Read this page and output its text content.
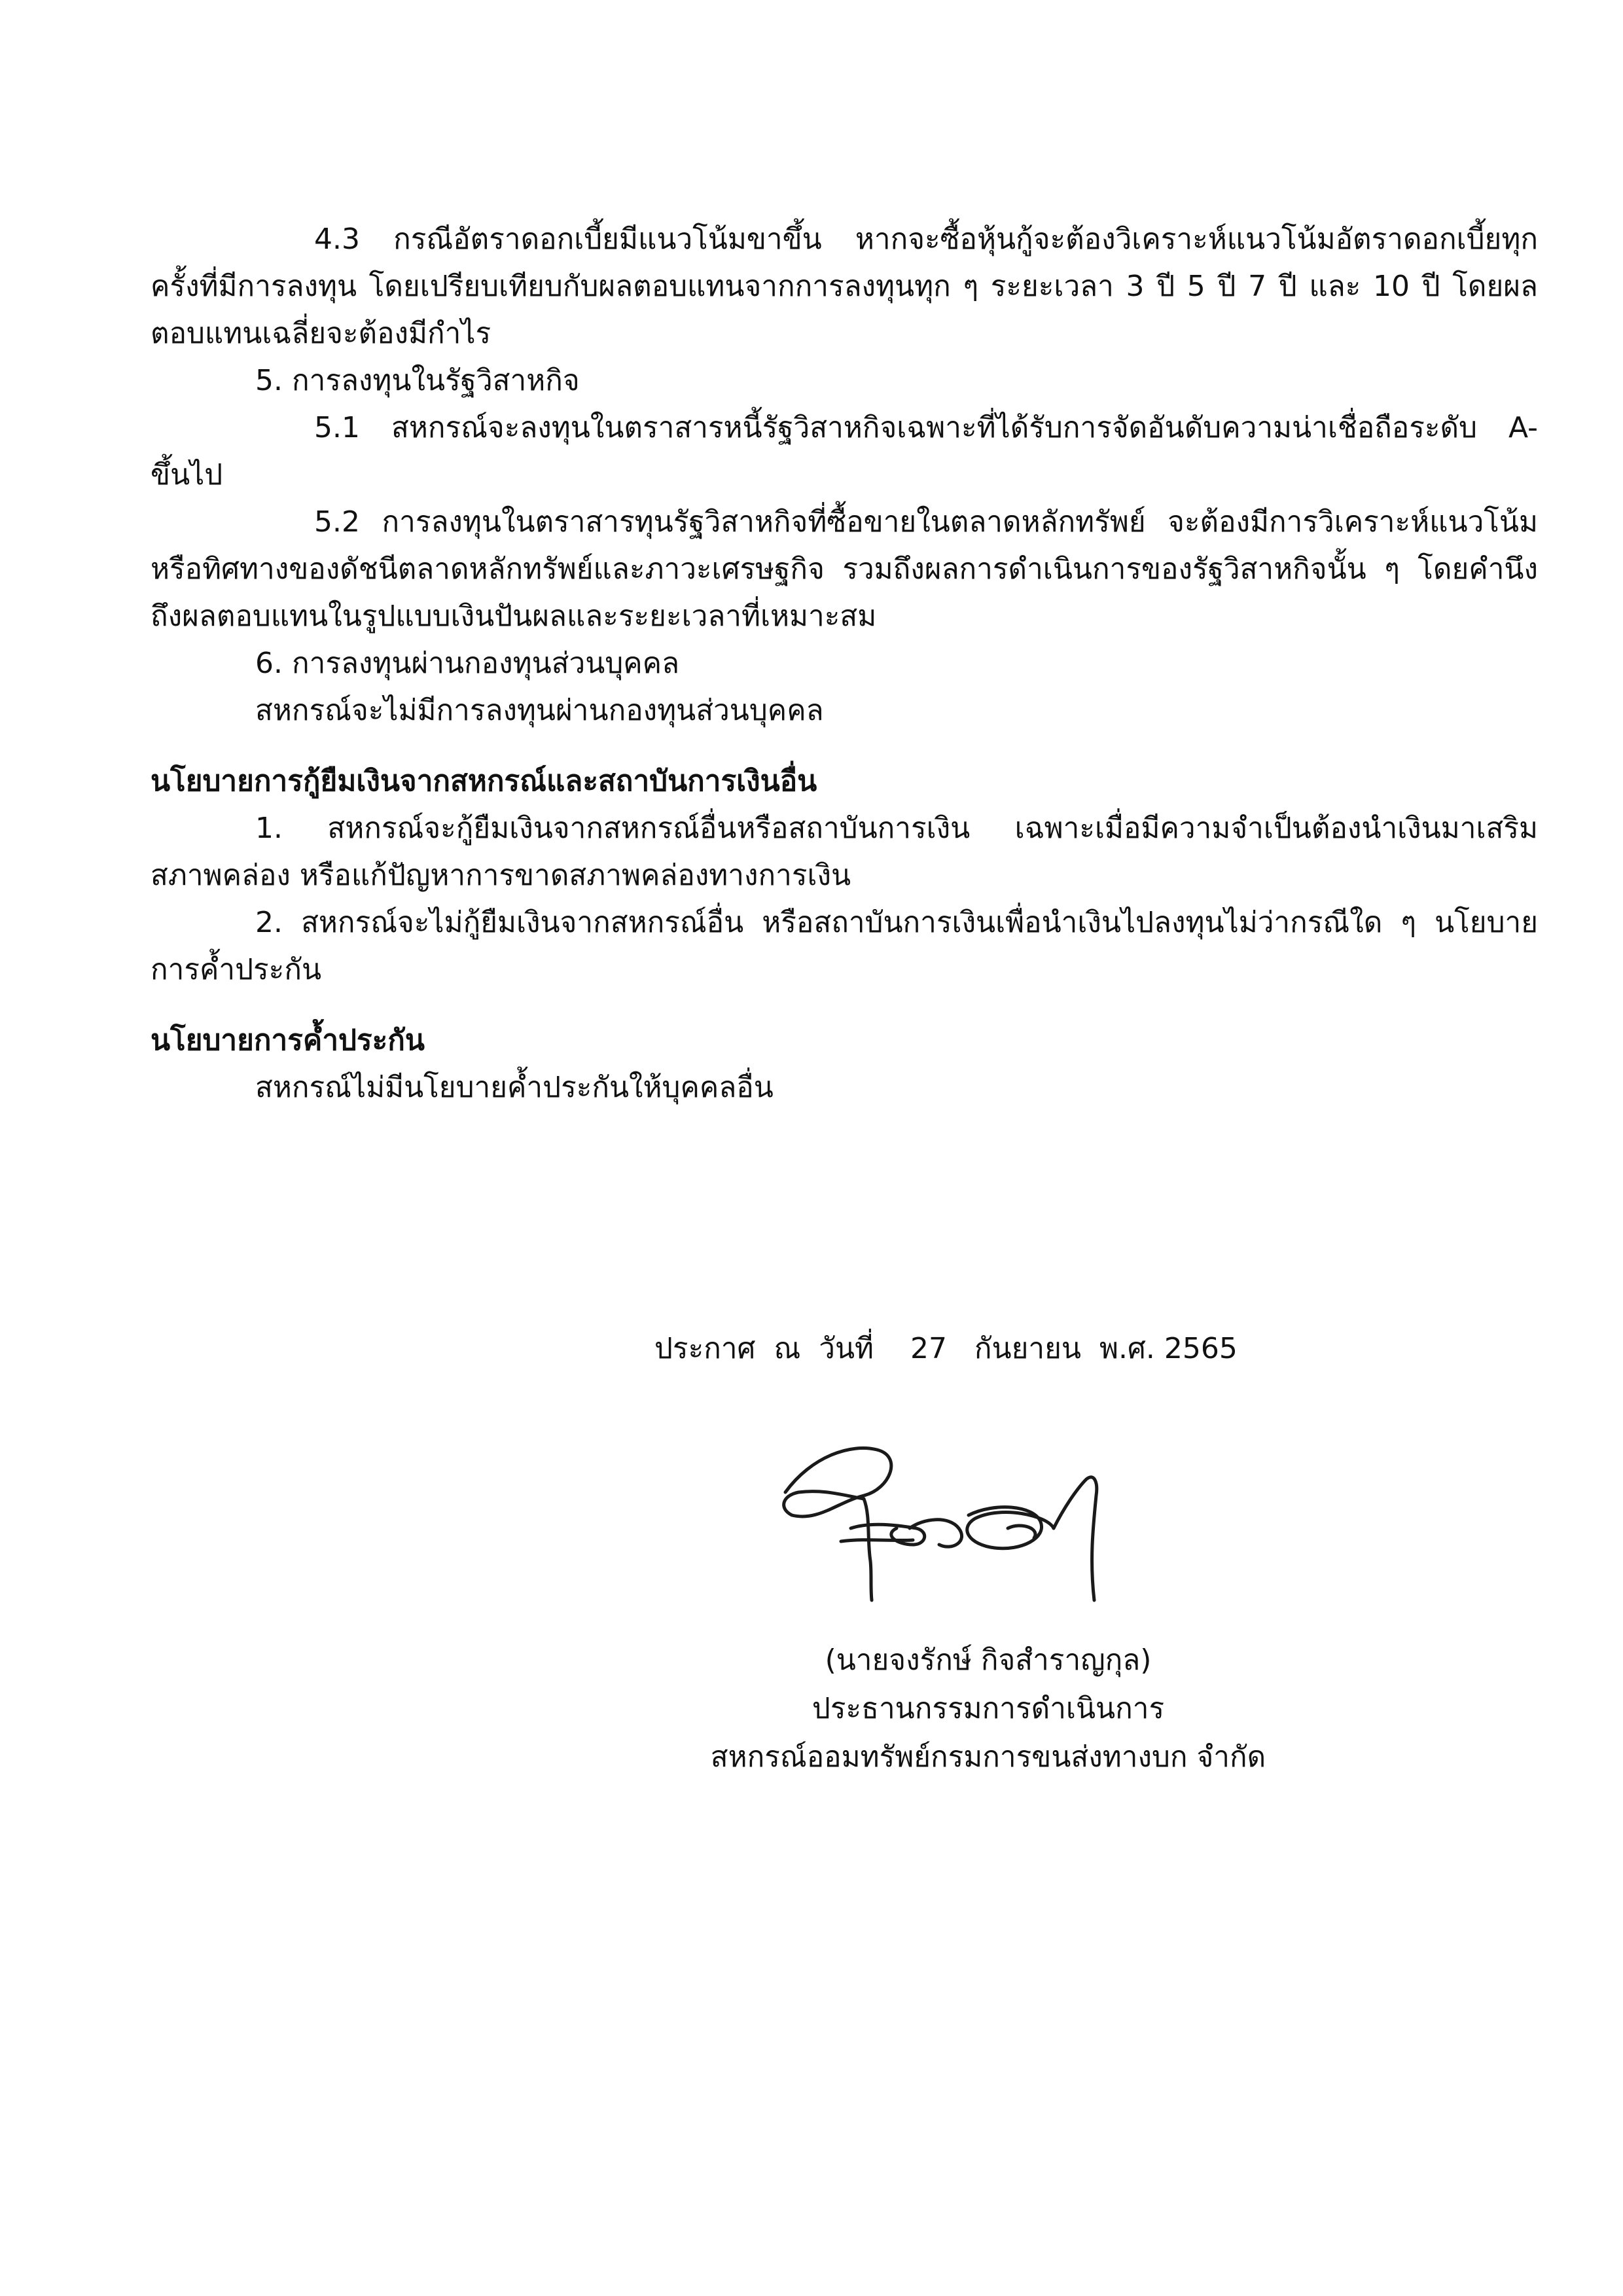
4.3 กรณีอัตราดอกเบี้ยมีแนวโน้มขาขึ้น หากจะซื้อหุ้นกู้จะต้องวิเคราะห์แนวโน้มอัตราดอกเบี้ยทุกครั้งที่มีการลงทุน โดยเปรียบเทียบกับผลตอบแทนจากการลงทุนทุก ๆ ระยะเวลา 3 ปี 5 ปี 7 ปี และ 10 ปี โดยผลตอบแทนเฉลี่ยจะต้องมีกำไร

5. การลงทุนในรัฐวิสาหกิจ

5.1 สหกรณ์จะลงทุนในตราสารหนี้รัฐวิสาหกิจเฉพาะที่ได้รับการจัดอันดับความน่าเชื่อถือระดับ A- ขึ้นไป

5.2 การลงทุนในตราสารทุนรัฐวิสาหกิจที่ซื้อขายในตลาดหลักทรัพย์ จะต้องมีการวิเคราะห์แนวโน้มหรือทิศทางของดัชนีตลาดหลักทรัพย์และภาวะเศรษฐกิจ รวมถึงผลการดำเนินการของรัฐวิสาหกิจนั้น ๆ โดยคำนึงถึงผลตอบแทนในรูปแบบเงินปันผลและระยะเวลาที่เหมาะสม

6. การลงทุนผ่านกองทุนส่วนบุคคล

สหกรณ์จะไม่มีการลงทุนผ่านกองทุนส่วนบุคคล

นโยบายการกู้ยืมเงินจากสหกรณ์และสถาบันการเงินอื่น

1. สหกรณ์จะกู้ยืมเงินจากสหกรณ์อื่นหรือสถาบันการเงิน เฉพาะเมื่อมีความจำเป็นต้องนำเงินมาเสริมสภาพคล่อง หรือแก้ปัญหาการขาดสภาพคล่องทางการเงิน

2. สหกรณ์จะไม่กู้ยืมเงินจากสหกรณ์อื่น หรือสถาบันการเงินเพื่อนำเงินไปลงทุนไม่ว่ากรณีใด ๆ นโยบายการค้ำประกัน

นโยบายการค้ำประกัน

สหกรณ์ไม่มีนโยบายค้ำประกันให้บุคคลอื่น

ประกาศ  ณ  วันที่    27   กันยายน  พ.ศ. 2565
(นายจงรักษ์ กิจสำราญกุล)
ประธานกรรมการดำเนินการ
สหกรณ์ออมทรัพย์กรมการขนส่งทางบก จำกัด
